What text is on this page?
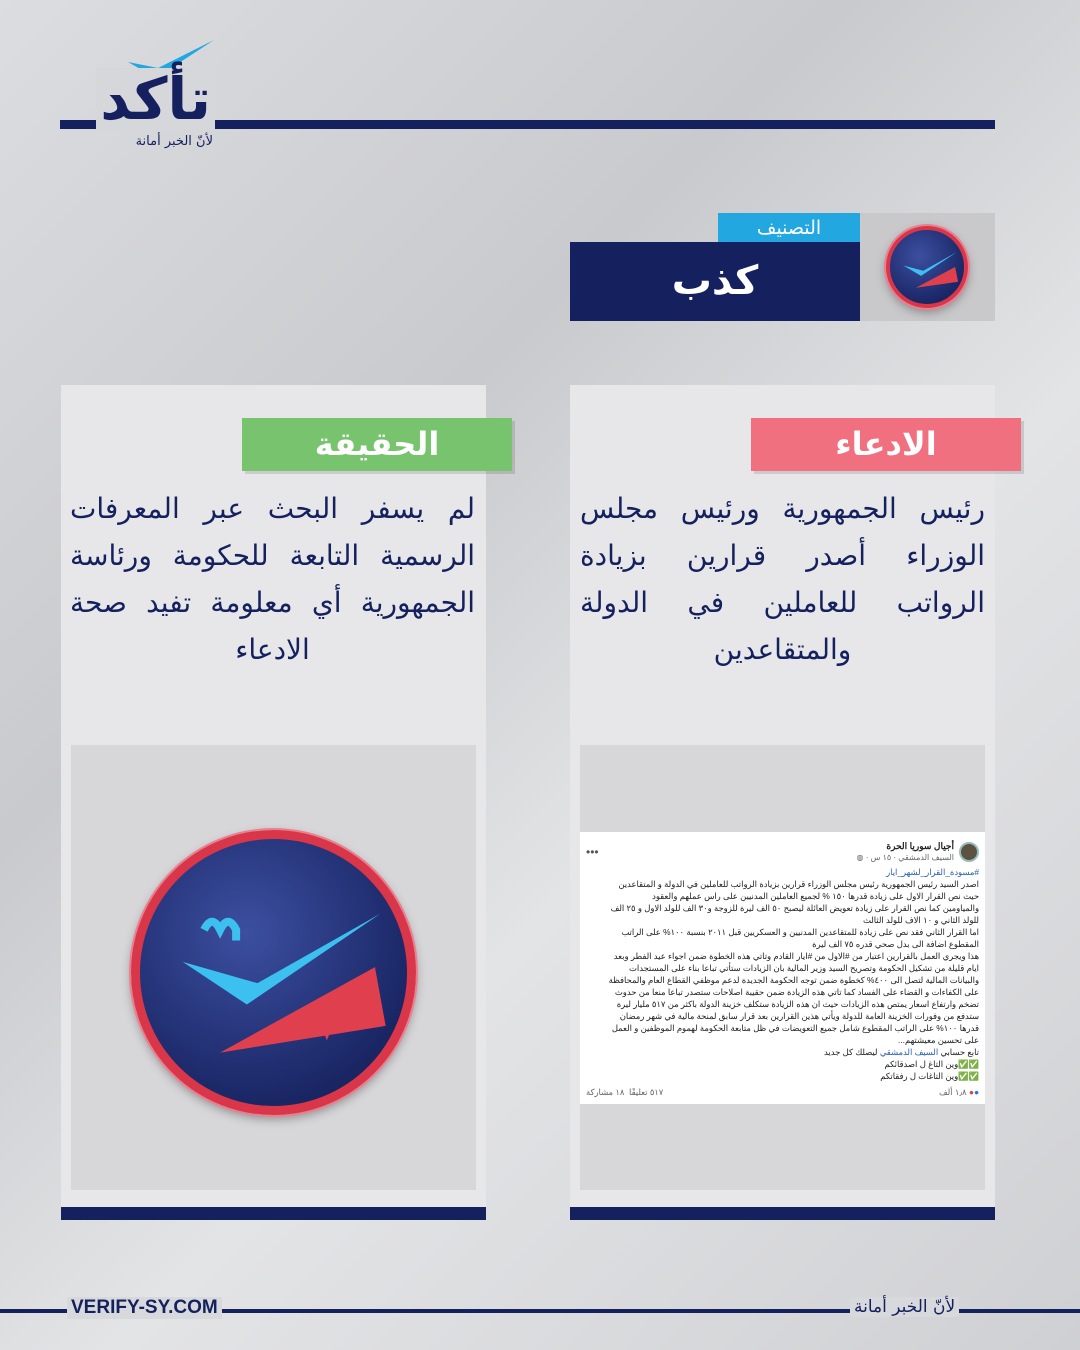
تأكد
لأنّ الخبر أمانة
التصنيف
كذب
الادعاء
رئيس الجمهورية ورئيس مجلس الوزراء أصدر قرارين بزيادة الرواتب للعاملين في الدولة والمتقاعدين
أجيال سوريا الحرة
السيف الدمشقي · ١٥ س · ◍
•••
#مسودة_القرار_لشهر_ايار
اصدر السيد رئيس الجمهورية رئيس مجلس الوزراء قرارين بزيادة الرواتب للعاملين في الدولة و المتقاعدين
حيث نص القرار الاول على زيادة قدرها ١٥٠ % لجميع العاملين المدنيين على راس عملهم والعقود
والمياومين كما نص القرار على زيادة تعويض العائلة ليصبح ٥٠ الف ليرة للزوجة و٣٠ الف للولد الاول و ٢٥ الف
للولد الثاني و ١٠ الاف للولد الثالث
اما القرار الثاني فقد نص على زيادة للمتقاعدين المدنيين و العسكريين قبل ٢٠١١ بنسبة ١٠٠% على الراتب
المقطوع اضافة الى بدل صحي قدره ٧٥ الف ليرة
هذا ويجري العمل بالقرارين اعتبار من #الاول من #ايار القادم وتاتي هذه الخطوة ضمن اجواء عيد الفطر وبعد
ايام قليلة من تشكيل الحكومة وتصريح السيد وزير المالية بان الزيادات ستأتي تباعا بناء على المستجدات
والبيانات المالية لتصل الى ٤٠٠% كخطوة ضمن توجه الحكومة الجديدة لدعم موظفي القطاع العام والمحافظة
على الكفاءات و القضاء على الفساد كما تاتي هذه الزيادة ضمن حقيبة اصلاحات ستصدر تباعا منعا من حدوث
تضخم وارتفاع اسعار يمتص هذه الزيادات حيث ان هذه الزيادة ستكلف خزينة الدولة باكثر من ٥١٧ مليار ليرة
ستدفع من وفورات الخزينة العامة للدولة ويأتي هذين القرارين بعد قرار سابق لمنحة مالية في شهر رمضان
قدرها ١٠٠% على الراتب المقطوع شامل جميع التعويضات في ظل متابعة الحكومة لهموم الموظفين و العمل
على تحسين معيشتهم...
تابع حسابي السيف الدمشقي ليصلك كل جديد
✅✅وين التاغ ل اصدقائكم
✅✅وين التاغات ل رفقاتكم
●● ١٫٨ ألف
٥١٧ تعليقًا  ١٨ مشاركة
الحقيقة
لم يسفر البحث عبر المعرفات الرسمية التابعة للحكومة ورئاسة الجمهورية أي معلومة تفيد صحة الادعاء
VERIFY-SY.COM	لأنّ الخبر أمانة
